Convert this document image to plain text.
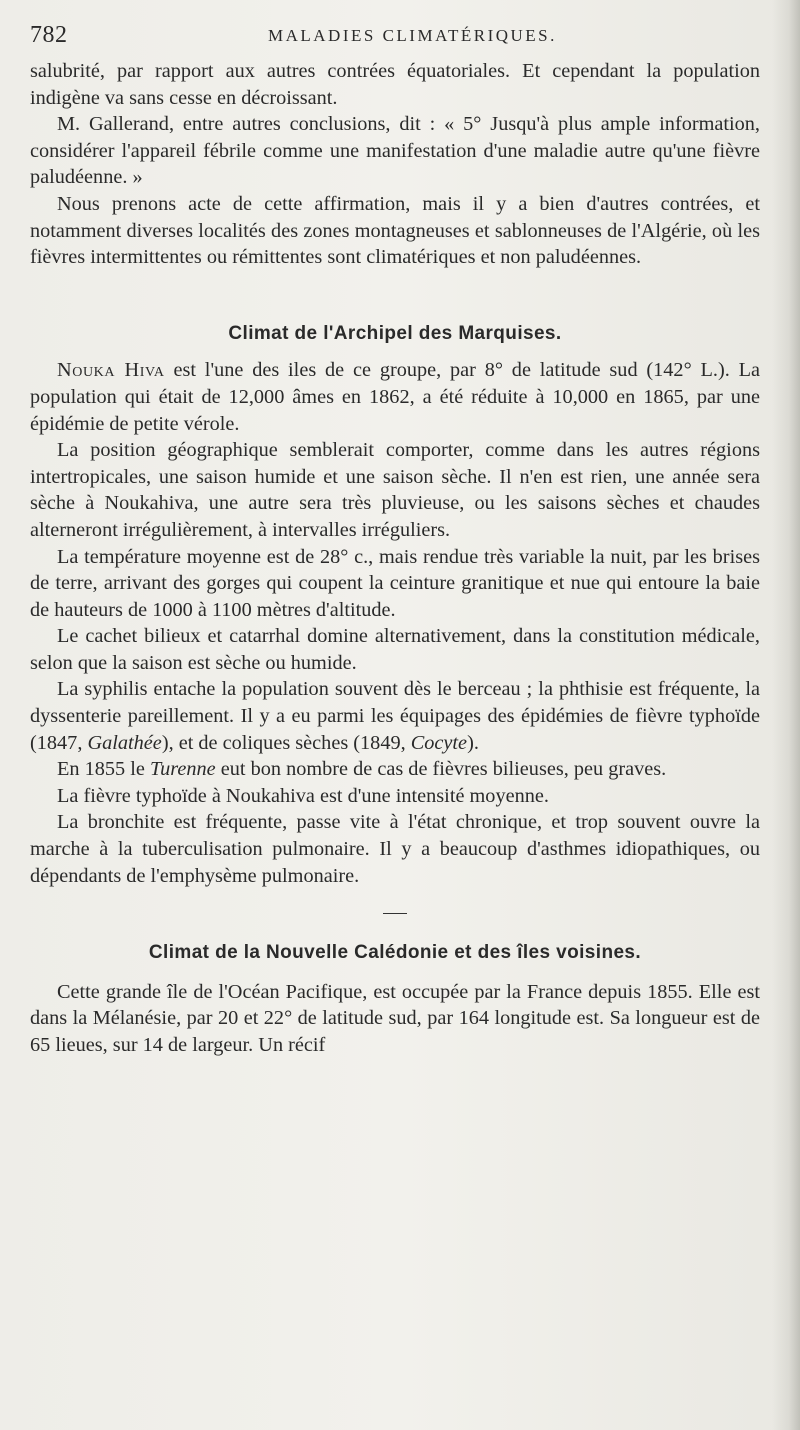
782	MALADIES CLIMATÉRIQUES.

salubrité, par rapport aux autres contrées équatoriales. Et cependant la population indigène va sans cesse en décroissant.

M. Gallerand, entre autres conclusions, dit : « 5° Jusqu'à plus ample information, considérer l'appareil fébrile comme une manifestation d'une maladie autre qu'une fièvre paludéenne. »

Nous prenons acte de cette affirmation, mais il y a bien d'autres contrées, et notamment diverses localités des zones montagneuses et sablonneuses de l'Algérie, où les fièvres intermittentes ou rémittentes sont climatériques et non paludéennes.

Climat de l'Archipel des Marquises.

Nouka Hiva est l'une des iles de ce groupe, par 8° de latitude sud (142° L.). La population qui était de 12,000 âmes en 1862, a été réduite à 10,000 en 1865, par une épidémie de petite vérole.

La position géographique semblerait comporter, comme dans les autres régions intertropicales, une saison humide et une saison sèche. Il n'en est rien, une année sera sèche à Noukahiva, une autre sera très pluvieuse, ou les saisons sèches et chaudes alterneront irrégulièrement, à intervalles irréguliers.

La température moyenne est de 28° c., mais rendue très variable la nuit, par les brises de terre, arrivant des gorges qui coupent la ceinture granitique et nue qui entoure la baie de hauteurs de 1000 à 1100 mètres d'altitude.

Le cachet bilieux et catarrhal domine alternativement, dans la constitution médicale, selon que la saison est sèche ou humide.

La syphilis entache la population souvent dès le berceau ; la phthisie est fréquente, la dyssenterie pareillement. Il y a eu parmi les équipages des épidémies de fièvre typhoïde (1847, Galathée), et de coliques sèches (1849, Cocyte).

En 1855 le Turenne eut bon nombre de cas de fièvres bilieuses, peu graves.

La fièvre typhoïde à Noukahiva est d'une intensité moyenne.

La bronchite est fréquente, passe vite à l'état chronique, et trop souvent ouvre la marche à la tuberculisation pulmonaire. Il y a beaucoup d'asthmes idiopathiques, ou dépendants de l'emphysème pulmonaire.

Climat de la Nouvelle Calédonie et des îles voisines.

Cette grande île de l'Océan Pacifique, est occupée par la France depuis 1855. Elle est dans la Mélanésie, par 20 et 22° de latitude sud, par 164 longitude est. Sa longueur est de 65 lieues, sur 14 de largeur. Un récif
